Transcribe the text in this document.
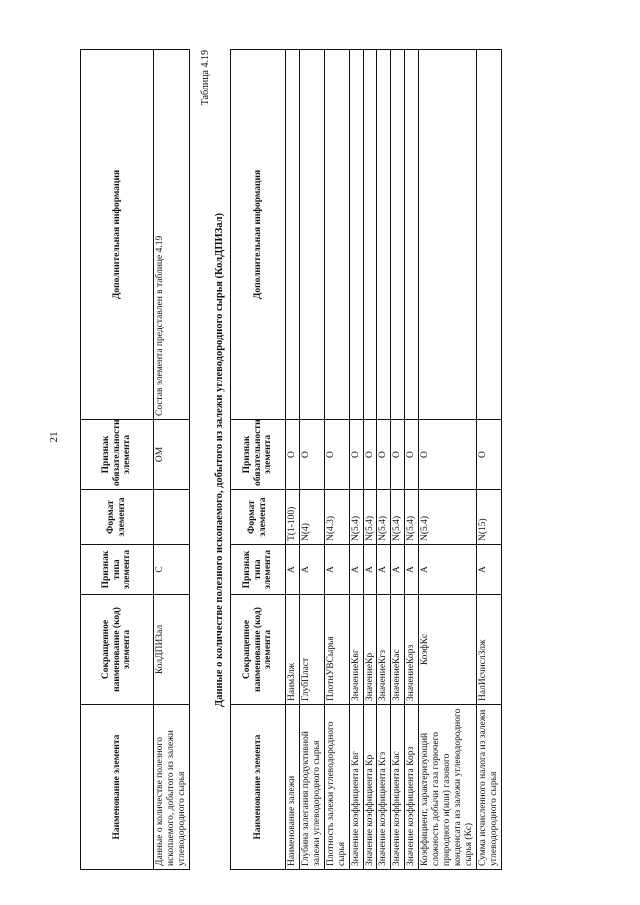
21
Наименование элемента	Сокращенное наименование (код) элемента	Признак типа элемента	Формат элемента	Признак обязательности элемента	Дополнительная информация
Данные о количестве полезного ископаемого, добытого из залежи углеводородного сырья	КолДПИЗал	С		ОМ	Состав элемента представлен в таблице 4.19
Таблица 4.19
Данные о количестве полезного ископаемого, добытого из залежи углеводородного сырья (КолДПИЗал)
Наименование элемента	Сокращенное наименование (код) элемента	Признак типа элемента	Формат элемента	Признак обязательности элемента	Дополнительная информация
Наименование залежи	НаимЗлж	А	Т(1-100)	О	
Глубина залегания продуктивной залежи углеводородного сырья	ГлубПласт	А	N(4)	О	
Плотность залежи углеводородного сырья	ПлотнУВСырья	А	N(4.3)	О	
Значение коэффициента Квг	ЗначениеКвг	А	N(5.4)	О	
Значение коэффициента Кр	ЗначениеКр	А	N(5.4)	О	
Значение коэффициента Кгз	ЗначениеКгз	А	N(5.4)	О	
Значение коэффициента Кас	ЗначениеКас	А	N(5.4)	О	
Значение коэффициента Корз	ЗначениеКорз	А	N(5.4)	О	
Коэффициент, характеризующий сложность добычи газа горючего природного и(или) газового конденсата из залежи углеводородного сырья (Кс)	КоэфКс	А	N(5.4)	О	
Сумма исчисленного налога из залежи углеводородного сырья	НалИсчислЗлж	А	N(15)	О	
